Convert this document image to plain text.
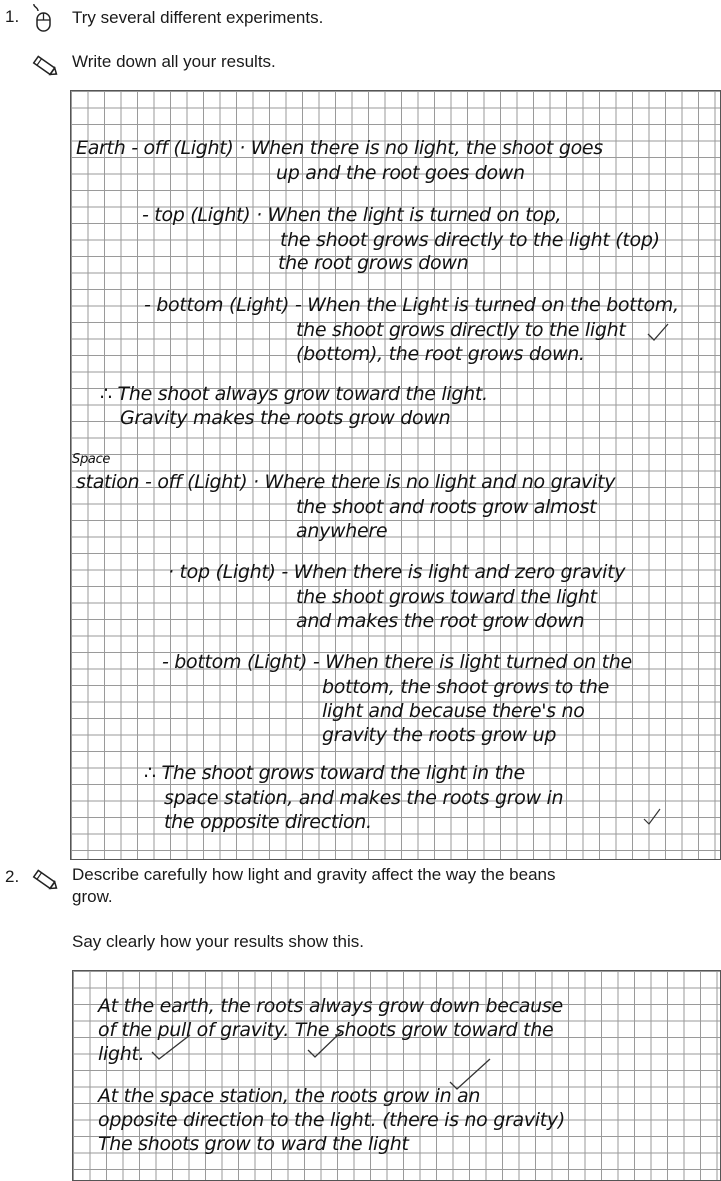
1.	Try several different experiments.
Write down all your results.
Earth - off (Light) · When there is no light, the shoot goes
up and the root goes down
- top (Light) · When the light is turned on top,
the shoot grows directly to the light (top)
the root grows down
- bottom (Light) - When the Light is turned on the bottom,
the shoot grows directly to the light
(bottom), the root grows down.
∴ The shoot always grow toward the light.
Gravity makes the roots grow down
Space
station - off (Light) · Where there is no light and no gravity
the shoot and roots grow almost
anywhere
· top (Light) - When there is light and zero gravity
the shoot grows toward the light
and makes the root grow down
- bottom (Light) - When there is light turned on the
bottom, the shoot grows to the
light and because there's no
gravity the roots grow up
∴ The shoot grows toward the light in the
space station, and makes the roots grow in
the opposite direction.
2.	Describe carefully how light and gravity affect the way the beans
grow.
Say clearly how your results show this.
At the earth, the roots always grow down because
of the pull of gravity. The shoots grow toward the
light.
At the space station, the roots grow in an
opposite direction to the light. (there is no gravity)
The shoots grow to ward the light
